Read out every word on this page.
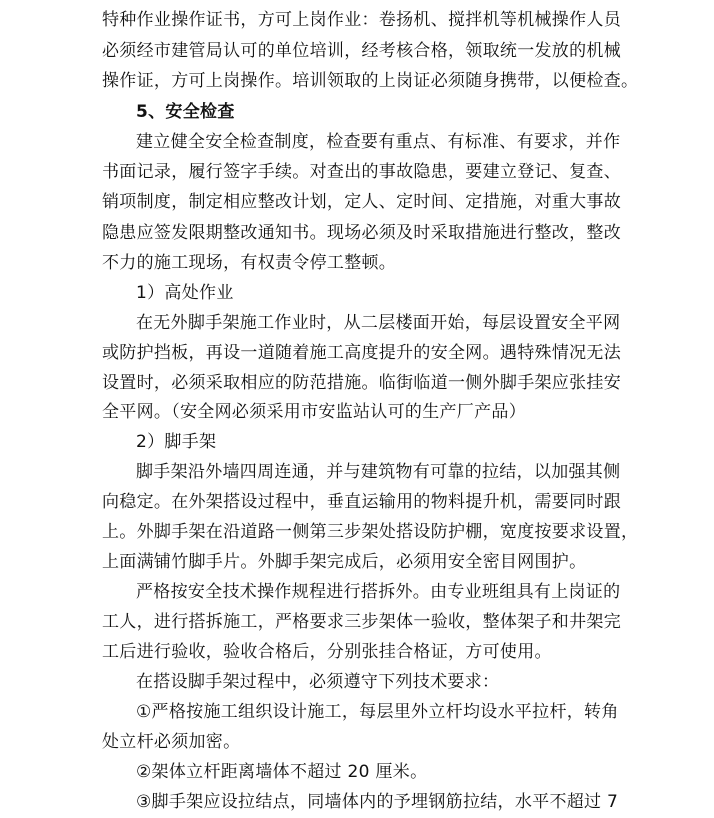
特种作业操作证书，方可上岗作业：卷扬机、搅拌机等机械操作人员
必须经市建管局认可的单位培训，经考核合格，领取统一发放的机械
操作证，方可上岗操作。培训领取的上岗证必须随身携带，以便检查。
5、安全检查
建立健全安全检查制度，检查要有重点、有标准、有要求，并作
书面记录，履行签字手续。对查出的事故隐患，要建立登记、复查、
销项制度，制定相应整改计划，定人、定时间、定措施，对重大事故
隐患应签发限期整改通知书。现场必须及时采取措施进行整改，整改
不力的施工现场，有权责令停工整顿。
1）高处作业
在无外脚手架施工作业时，从二层楼面开始，每层设置安全平网
或防护挡板，再设一道随着施工高度提升的安全网。遇特殊情况无法
设置时，必须采取相应的防范措施。临街临道一侧外脚手架应张挂安
全平网。（安全网必须采用市安监站认可的生产厂产品）
2）脚手架
脚手架沿外墙四周连通，并与建筑物有可靠的拉结，以加强其侧
向稳定。在外架搭设过程中，垂直运输用的物料提升机，需要同时跟
上。外脚手架在沿道路一侧第三步架处搭设防护棚，宽度按要求设置，
上面满铺竹脚手片。外脚手架完成后，必须用安全密目网围护。
严格按安全技术操作规程进行搭拆外。由专业班组具有上岗证的
工人，进行搭拆施工，严格要求三步架体一验收，整体架子和井架完
工后进行验收，验收合格后，分别张挂合格证，方可使用。
在搭设脚手架过程中，必须遵守下列技术要求：
①严格按施工组织设计施工，每层里外立杆均设水平拉杆，转角
处立杆必须加密。
②架体立杆距离墙体不超过 20 厘米。
③脚手架应设拉结点，同墙体内的予埋钢筋拉结，水平不超过 7
